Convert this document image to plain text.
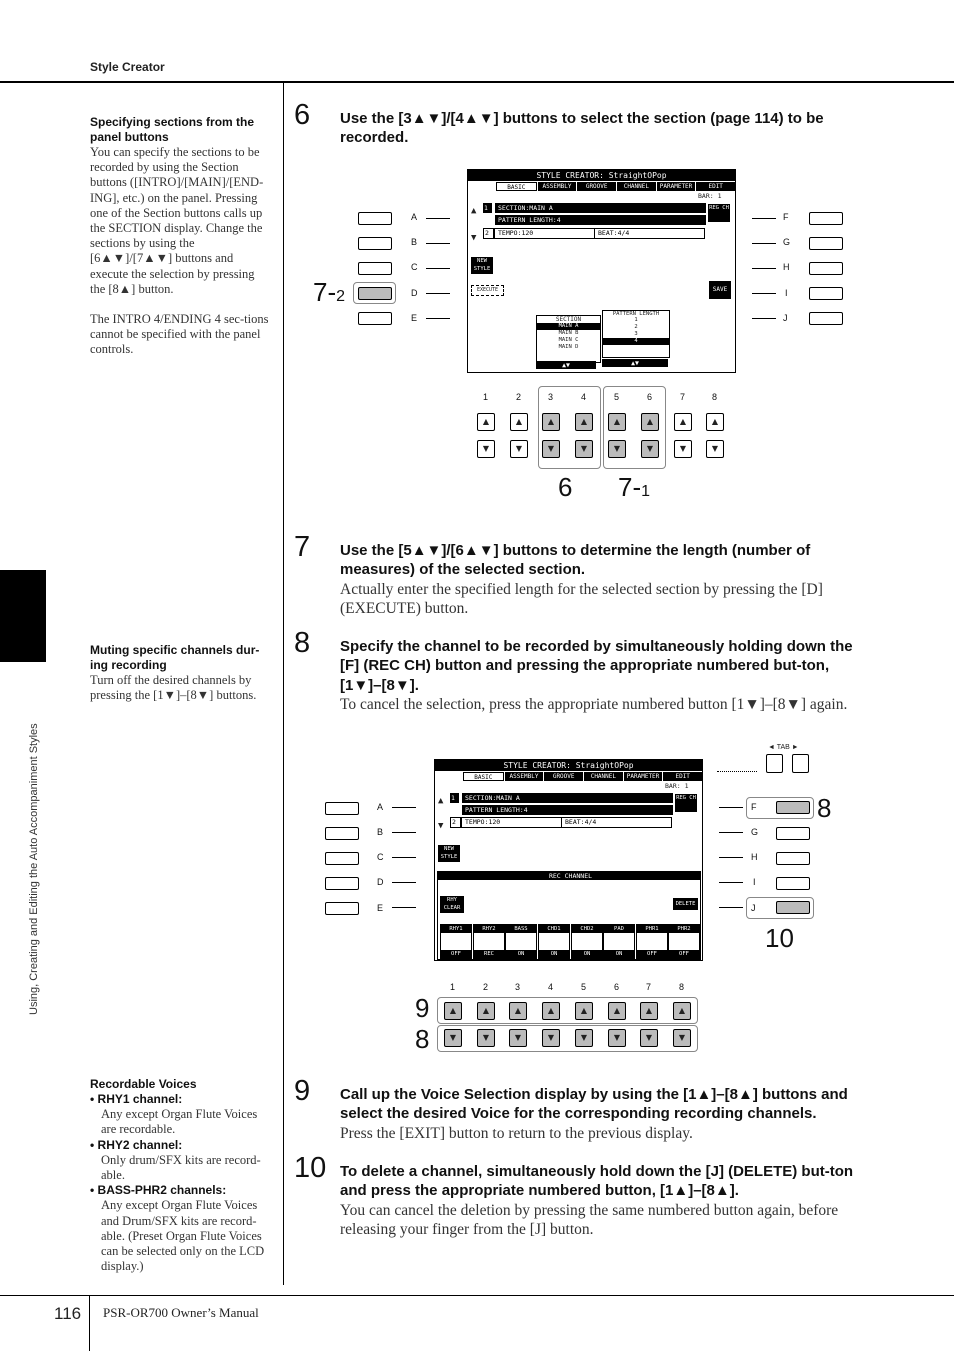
Style Creator
Using, Creating and Editing the Auto Accompaniment Styles

Specifying sections from the panel buttons

You can specify the sections to be recorded by using the Section buttons ([INTRO]/[MAIN]/[END-ING], etc.) on the panel. Pressing one of the Section buttons calls up the SECTION display. Change the sections by using the [6▲▼]/[7▲▼] buttons and execute the selection by pressing the [8▲] button.

The INTRO 4/ENDING 4 sec-tions cannot be specified with the panel controls.

Muting specific channels dur-ing recording

Turn off the desired channels by pressing the [1▼]–[8▼] buttons.

Recordable Voices

• RHY1 channel:
Any except Organ Flute Voices are recordable.
• RHY2 channel:
Only drum/SFX kits are record-able.
• BASS-PHR2 channels:
Any except Organ Flute Voices and Drum/SFX kits are record-able. (Preset Organ Flute Voices can be selected only on the LCD display.)
6 Use the [3▲▼]/[4▲▼] buttons to select the section (page 114) to be recorded.

7 Use the [5▲▼]/[6▲▼] buttons to determine the length (number of measures) of the selected section.

Actually enter the specified length for the selected section by pressing the [D] (EXECUTE) button.

8 Specify the channel to be recorded by simultaneously holding down the [F] (REC CH) button and pressing the appropriate numbered but-ton, [1▼]–[8▼].

To cancel the selection, press the appropriate numbered button [1▼]–[8▼] again.

9 Call up the Voice Selection display by using the [1▲]–[8▲] buttons and select the desired Voice for the corresponding recording channels.

Press the [EXIT] button to return to the previous display.

10 To delete a channel, simultaneously hold down the [J] (DELETE) but-ton and press the appropriate numbered button, [1▲]–[8▲].

You can cancel the deletion by pressing the same numbered button again, before releasing your finger from the [J] button.

STYLE CREATOR: StraightOPop
BASIC	ASSEMBLY	GROOVE	CHANNEL	PARAMETER	EDIT
BAR: 1
▲
▼
1	SECTION:MAIN A
PATTERN LENGTH:4
2	TEMPO:120	BEAT:4/4
REG CH
NEW STYLE
EXECUTE	SAVE
SECTION
MAIN A
MAIN B
MAIN C
MAIN D
PATTERN LENGTH
1
2
3
4
▲▼	▲▼
A
B
C
D
E
F
G
H
I
J
7-2
1	2	3	4	5	6	7	8
▲	▲	▲	▲	▲	▲	▲	▲
▼	▼	▼	▼	▼	▼	▼	▼
6 7-1
STYLE CREATOR: StraightOPop
BASIC	ASSEMBLY	GROOVE	CHANNEL	PARAMETER	EDIT
BAR: 1
▲
▼
1	SECTION:MAIN A
PATTERN LENGTH:4
2	TEMPO:120	BEAT:4/4
REG CH
NEW STYLE
REC CHANNEL
RHY CLEAR
DELETE
RHY1
OFF
RHY2
REC
BASS
ON
CHD1
ON
CHD2
ON
PAD
ON
PHR1
OFF
PHR2
OFF
A
B
C
D
E
◄ TAB ►
F
G
H
I
J
8
10
1	2	3	4	5	6	7	8
▲	▲	▲	▲	▲	▲	▲	▲
▼	▼	▼	▼	▼	▼	▼	▼
9
8
116 PSR-OR700 Owner’s Manual
